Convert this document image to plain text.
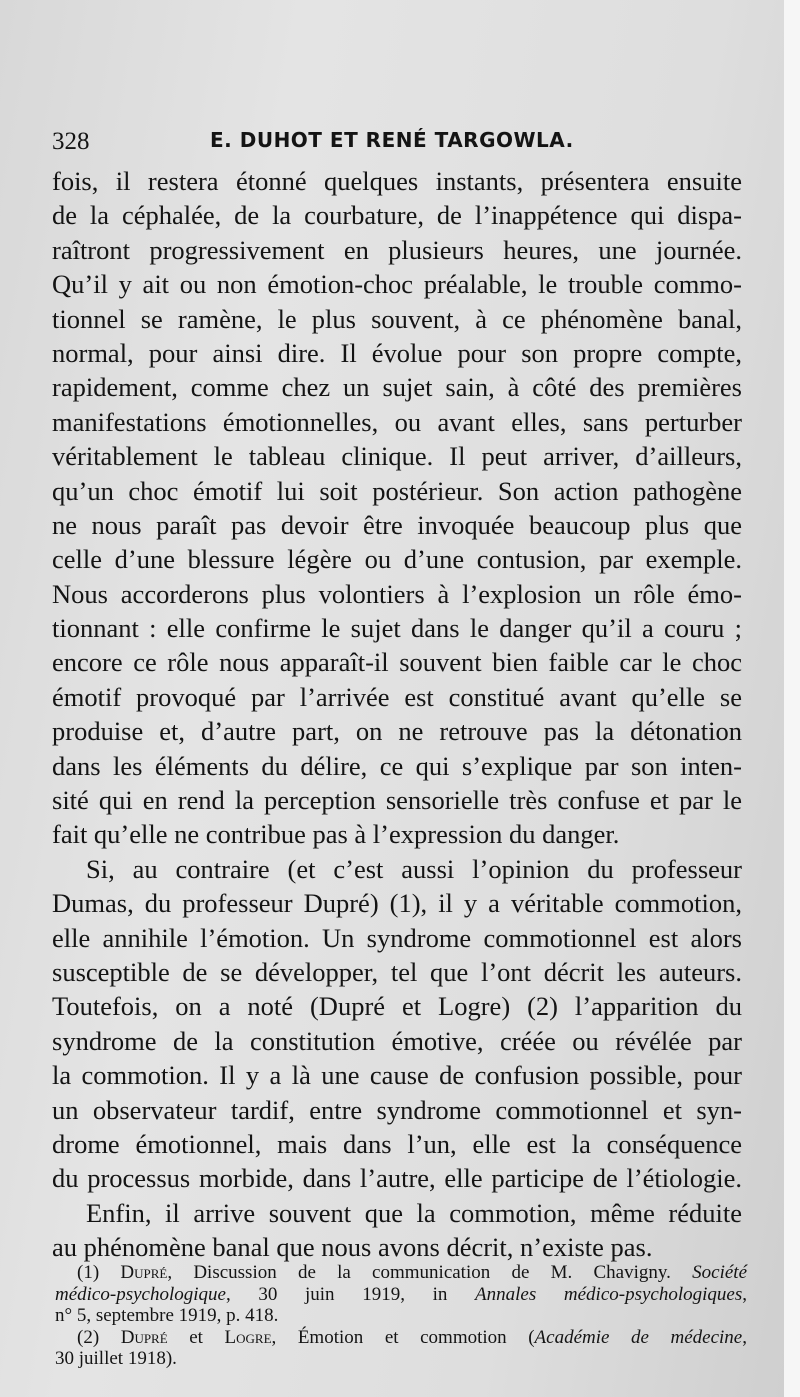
328	E. DUHOT ET RENÉ TARGOWLA.
fois, il restera étonné quelques instants, présentera ensuite
de la céphalée, de la courbature, de l’inappétence qui dispa-
raîtront progressivement en plusieurs heures, une journée.
Qu’il y ait ou non émotion-choc préalable, le trouble commo-
tionnel se ramène, le plus souvent, à ce phénomène banal,
normal, pour ainsi dire. Il évolue pour son propre compte,
rapidement, comme chez un sujet sain, à côté des premières
manifestations émotionnelles, ou avant elles, sans perturber
véritablement le tableau clinique. Il peut arriver, d’ailleurs,
qu’un choc émotif lui soit postérieur. Son action pathogène
ne nous paraît pas devoir être invoquée beaucoup plus que
celle d’une blessure légère ou d’une contusion, par exemple.
Nous accorderons plus volontiers à l’explosion un rôle émo-
tionnant : elle confirme le sujet dans le danger qu’il a couru ;
encore ce rôle nous apparaît-il souvent bien faible car le choc
émotif provoqué par l’arrivée est constitué avant qu’elle se
produise et, d’autre part, on ne retrouve pas la détonation
dans les éléments du délire, ce qui s’explique par son inten-
sité qui en rend la perception sensorielle très confuse et par le
fait qu’elle ne contribue pas à l’expression du danger.
Si, au contraire (et c’est aussi l’opinion du professeur
Dumas, du professeur Dupré) (1), il y a véritable commotion,
elle annihile l’émotion. Un syndrome commotionnel est alors
susceptible de se développer, tel que l’ont décrit les auteurs.
Toutefois, on a noté (Dupré et Logre) (2) l’apparition du
syndrome de la constitution émotive, créée ou révélée par
la commotion. Il y a là une cause de confusion possible, pour
un observateur tardif, entre syndrome commotionnel et syn-
drome émotionnel, mais dans l’un, elle est la conséquence
du processus morbide, dans l’autre, elle participe de l’étiologie.
Enfin, il arrive souvent que la commotion, même réduite
au phénomène banal que nous avons décrit, n’existe pas.
(1) Dupré, Discussion de la communication de M. Chavigny. Société
médico-psychologique, 30 juin 1919, in Annales médico-psychologiques,
n° 5, septembre 1919, p. 418.
(2) Dupré et Logre, Émotion et commotion (Académie de médecine,
30 juillet 1918).
